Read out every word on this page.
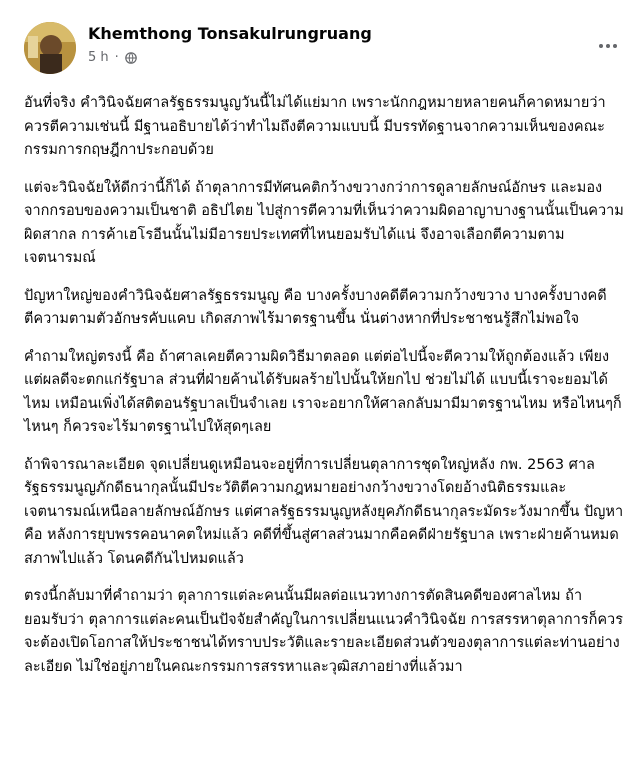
Khemthong Tonsakulrungruang
5 h ·

อันที่จริง คำวินิจฉัยศาลรัฐธรรมนูญวันนี้ไม่ได้แย่มาก เพราะนักกฎหมายหลายคนก็คาดหมายว่าควรตีความเช่นนี้ มีฐานอธิบายได้ว่าทำไมถึงตีความแบบนี้ มีบรรทัดฐานจากความเห็นของคณะกรรมการกฤษฎีกาประกอบด้วย

แต่จะวินิจฉัยให้ดีกว่านี้ก็ได้ ถ้าตุลาการมีทัศนคติกว้างขวางกว่าการดูลายลักษณ์อักษร และมองจากกรอบของความเป็นชาติ อธิปไตย ไปสู่การตีความที่เห็นว่าความผิดอาญาบางฐานนั้นเป็นความผิดสากล การค้าเฮโรอีนนั้นไม่มีอารยประเทศที่ไหนยอมรับได้แน่ จึงอาจเลือกตีความตามเจตนารมณ์

ปัญหาใหญ่ของคำวินิจฉัยศาลรัฐธรรมนูญ คือ บางครั้งบางคดีตีความกว้างขวาง บางครั้งบางคดี ตีความตามตัวอักษรคับแคบ เกิดสภาพไร้มาตรฐานขึ้น นั่นต่างหากที่ประชาชนรู้สึกไม่พอใจ

คำถามใหญ่ตรงนี้ คือ ถ้าศาลเคยตีความผิดวิธีมาตลอด แต่ต่อไปนี้จะตีความให้ถูกต้องแล้ว เพียงแต่ผลดีจะตกแก่รัฐบาล ส่วนที่ฝ่ายค้านได้รับผลร้ายไปนั้นให้ยกไป ช่วยไม่ได้ แบบนี้เราจะยอมได้ไหม เหมือนเพิ่งได้สติตอนรัฐบาลเป็นจำเลย เราจะอยากให้ศาลกลับมามีมาตรฐานไหม หรือไหนๆก็ไหนๆ ก็ควรจะไร้มาตรฐานไปให้สุดๆเลย

ถ้าพิจารณาละเอียด จุดเปลี่ยนดูเหมือนจะอยู่ที่การเปลี่ยนตุลาการชุดใหญ่หลัง กพ. 2563 ศาลรัฐธรรมนูญภักดีธนากุลนั้นมีประวัติตีความกฎหมายอย่างกว้างขวางโดยอ้างนิติธรรมและเจตนารมณ์เหนือลายลักษณ์อักษร แต่ศาลรัฐธรรมนูญหลังยุคภักดีธนากุลระมัดระวังมากขึ้น ปัญหาคือ หลังการยุบพรรคอนาคตใหม่แล้ว คดีที่ขึ้นสู่ศาลส่วนมากคือคดีฝ่ายรัฐบาล เพราะฝ่ายค้านหมดสภาพไปแล้ว โดนคดีกันไปหมดแล้ว

ตรงนี้กลับมาที่คำถามว่า ตุลาการแต่ละคนนั้นมีผลต่อแนวทางการตัดสินคดีของศาลไหม ถ้ายอมรับว่า ตุลาการแต่ละคนเป็นปัจจัยสำคัญในการเปลี่ยนแนวคำวินิจฉัย การสรรหาตุลาการก็ควรจะต้องเปิดโอกาสให้ประชาชนได้ทราบประวัติและรายละเอียดส่วนตัวของตุลาการแต่ละท่านอย่างละเอียด ไม่ใช่อยู่ภายในคณะกรรมการสรรหาและวุฒิสภาอย่างที่แล้วมา
